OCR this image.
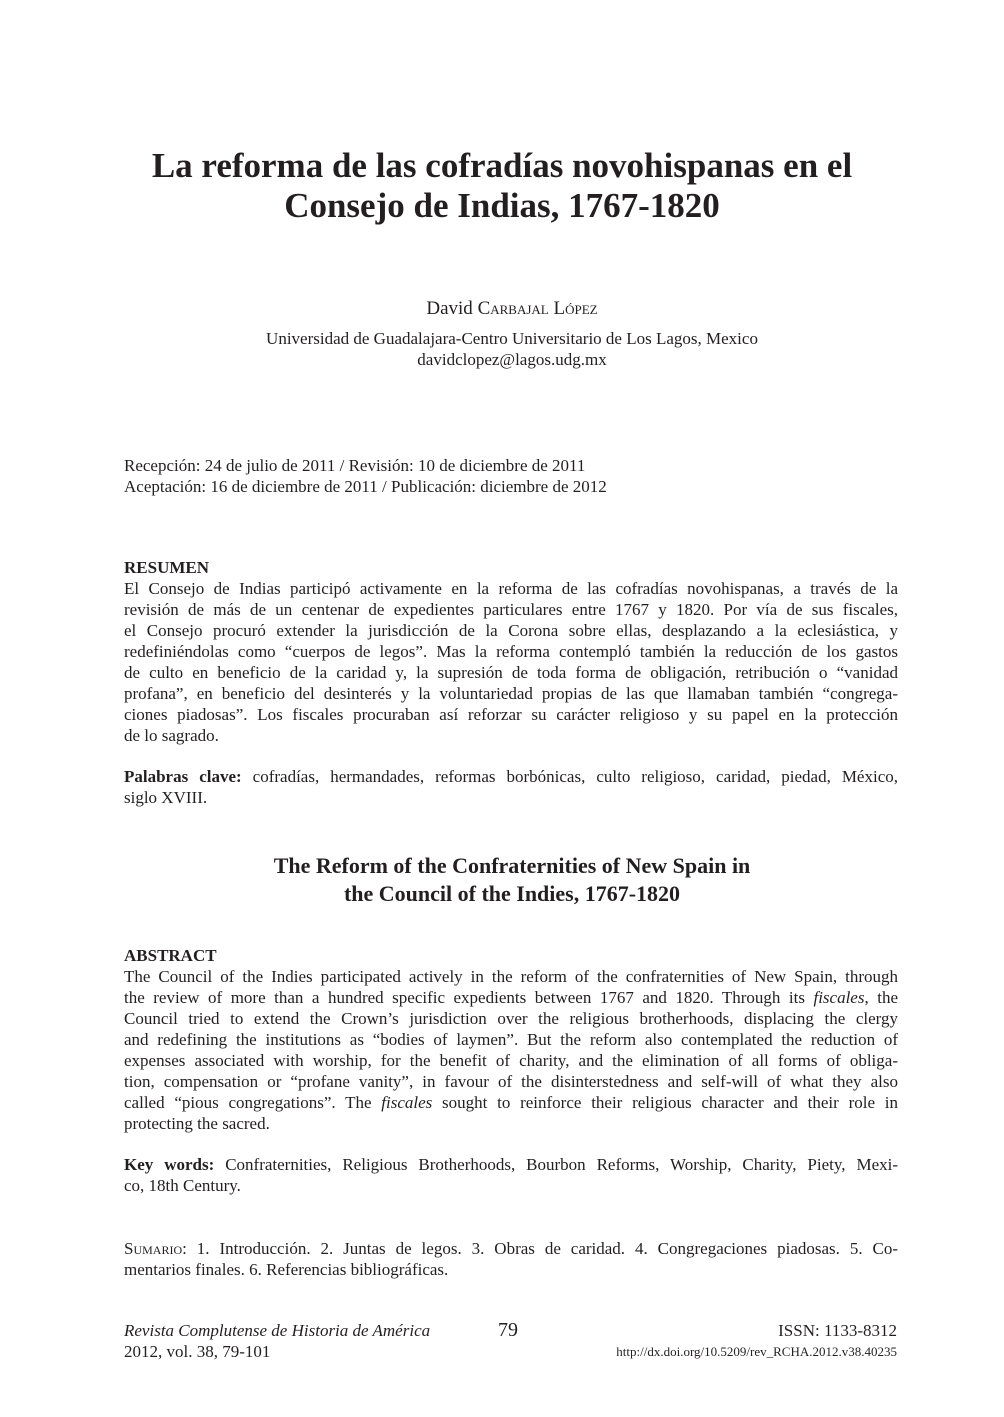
La reforma de las cofradías novohispanas en el
Consejo de Indias, 1767-1820
David Carbajal López
Universidad de Guadalajara-Centro Universitario de Los Lagos, Mexico
davidclopez@lagos.udg.mx
Recepción: 24 de julio de 2011 / Revisión: 10 de diciembre de 2011
Aceptación: 16 de diciembre de 2011 / Publicación: diciembre de 2012
RESUMEN
El Consejo de Indias participó activamente en la reforma de las cofradías novohispanas, a través de la
revisión de más de un centenar de expedientes particulares entre 1767 y 1820. Por vía de sus fiscales,
el Consejo procuró extender la jurisdicción de la Corona sobre ellas, desplazando a la eclesiástica, y
redefiniéndolas como “cuerpos de legos”. Mas la reforma contempló también la reducción de los gastos
de culto en beneficio de la caridad y, la supresión de toda forma de obligación, retribución o “vanidad
profana”, en beneficio del desinterés y la voluntariedad propias de las que llamaban también “congrega-
ciones piadosas”. Los fiscales procuraban así reforzar su carácter religioso y su papel en la protección
de lo sagrado.
Palabras clave: cofradías, hermandades, reformas borbónicas, culto religioso, caridad, piedad, México,
siglo XVIII.
The Reform of the Confraternities of New Spain in
the Council of the Indies, 1767-1820
ABSTRACT
The Council of the Indies participated actively in the reform of the confraternities of New Spain, through
the review of more than a hundred specific expedients between 1767 and 1820. Through its fiscales, the
Council tried to extend the Crown’s jurisdiction over the religious brotherhoods, displacing the clergy
and redefining the institutions as “bodies of laymen”. But the reform also contemplated the reduction of
expenses associated with worship, for the benefit of charity, and the elimination of all forms of obliga-
tion, compensation or “profane vanity”, in favour of the disinterstedness and self-will of what they also
called “pious congregations”. The fiscales sought to reinforce their religious character and their role in
protecting the sacred.
Key words: Confraternities, Religious Brotherhoods, Bourbon Reforms, Worship, Charity, Piety, Mexi-
co, 18th Century.
Sumario: 1. Introducción. 2. Juntas de legos. 3. Obras de caridad. 4. Congregaciones piadosas. 5. Co-
mentarios finales. 6. Referencias bibliográficas.
Revista Complutense de Historia de América
2012, vol. 38, 79-101
79	ISSN: 1133-8312
http://dx.doi.org/10.5209/rev_RCHA.2012.v38.40235
